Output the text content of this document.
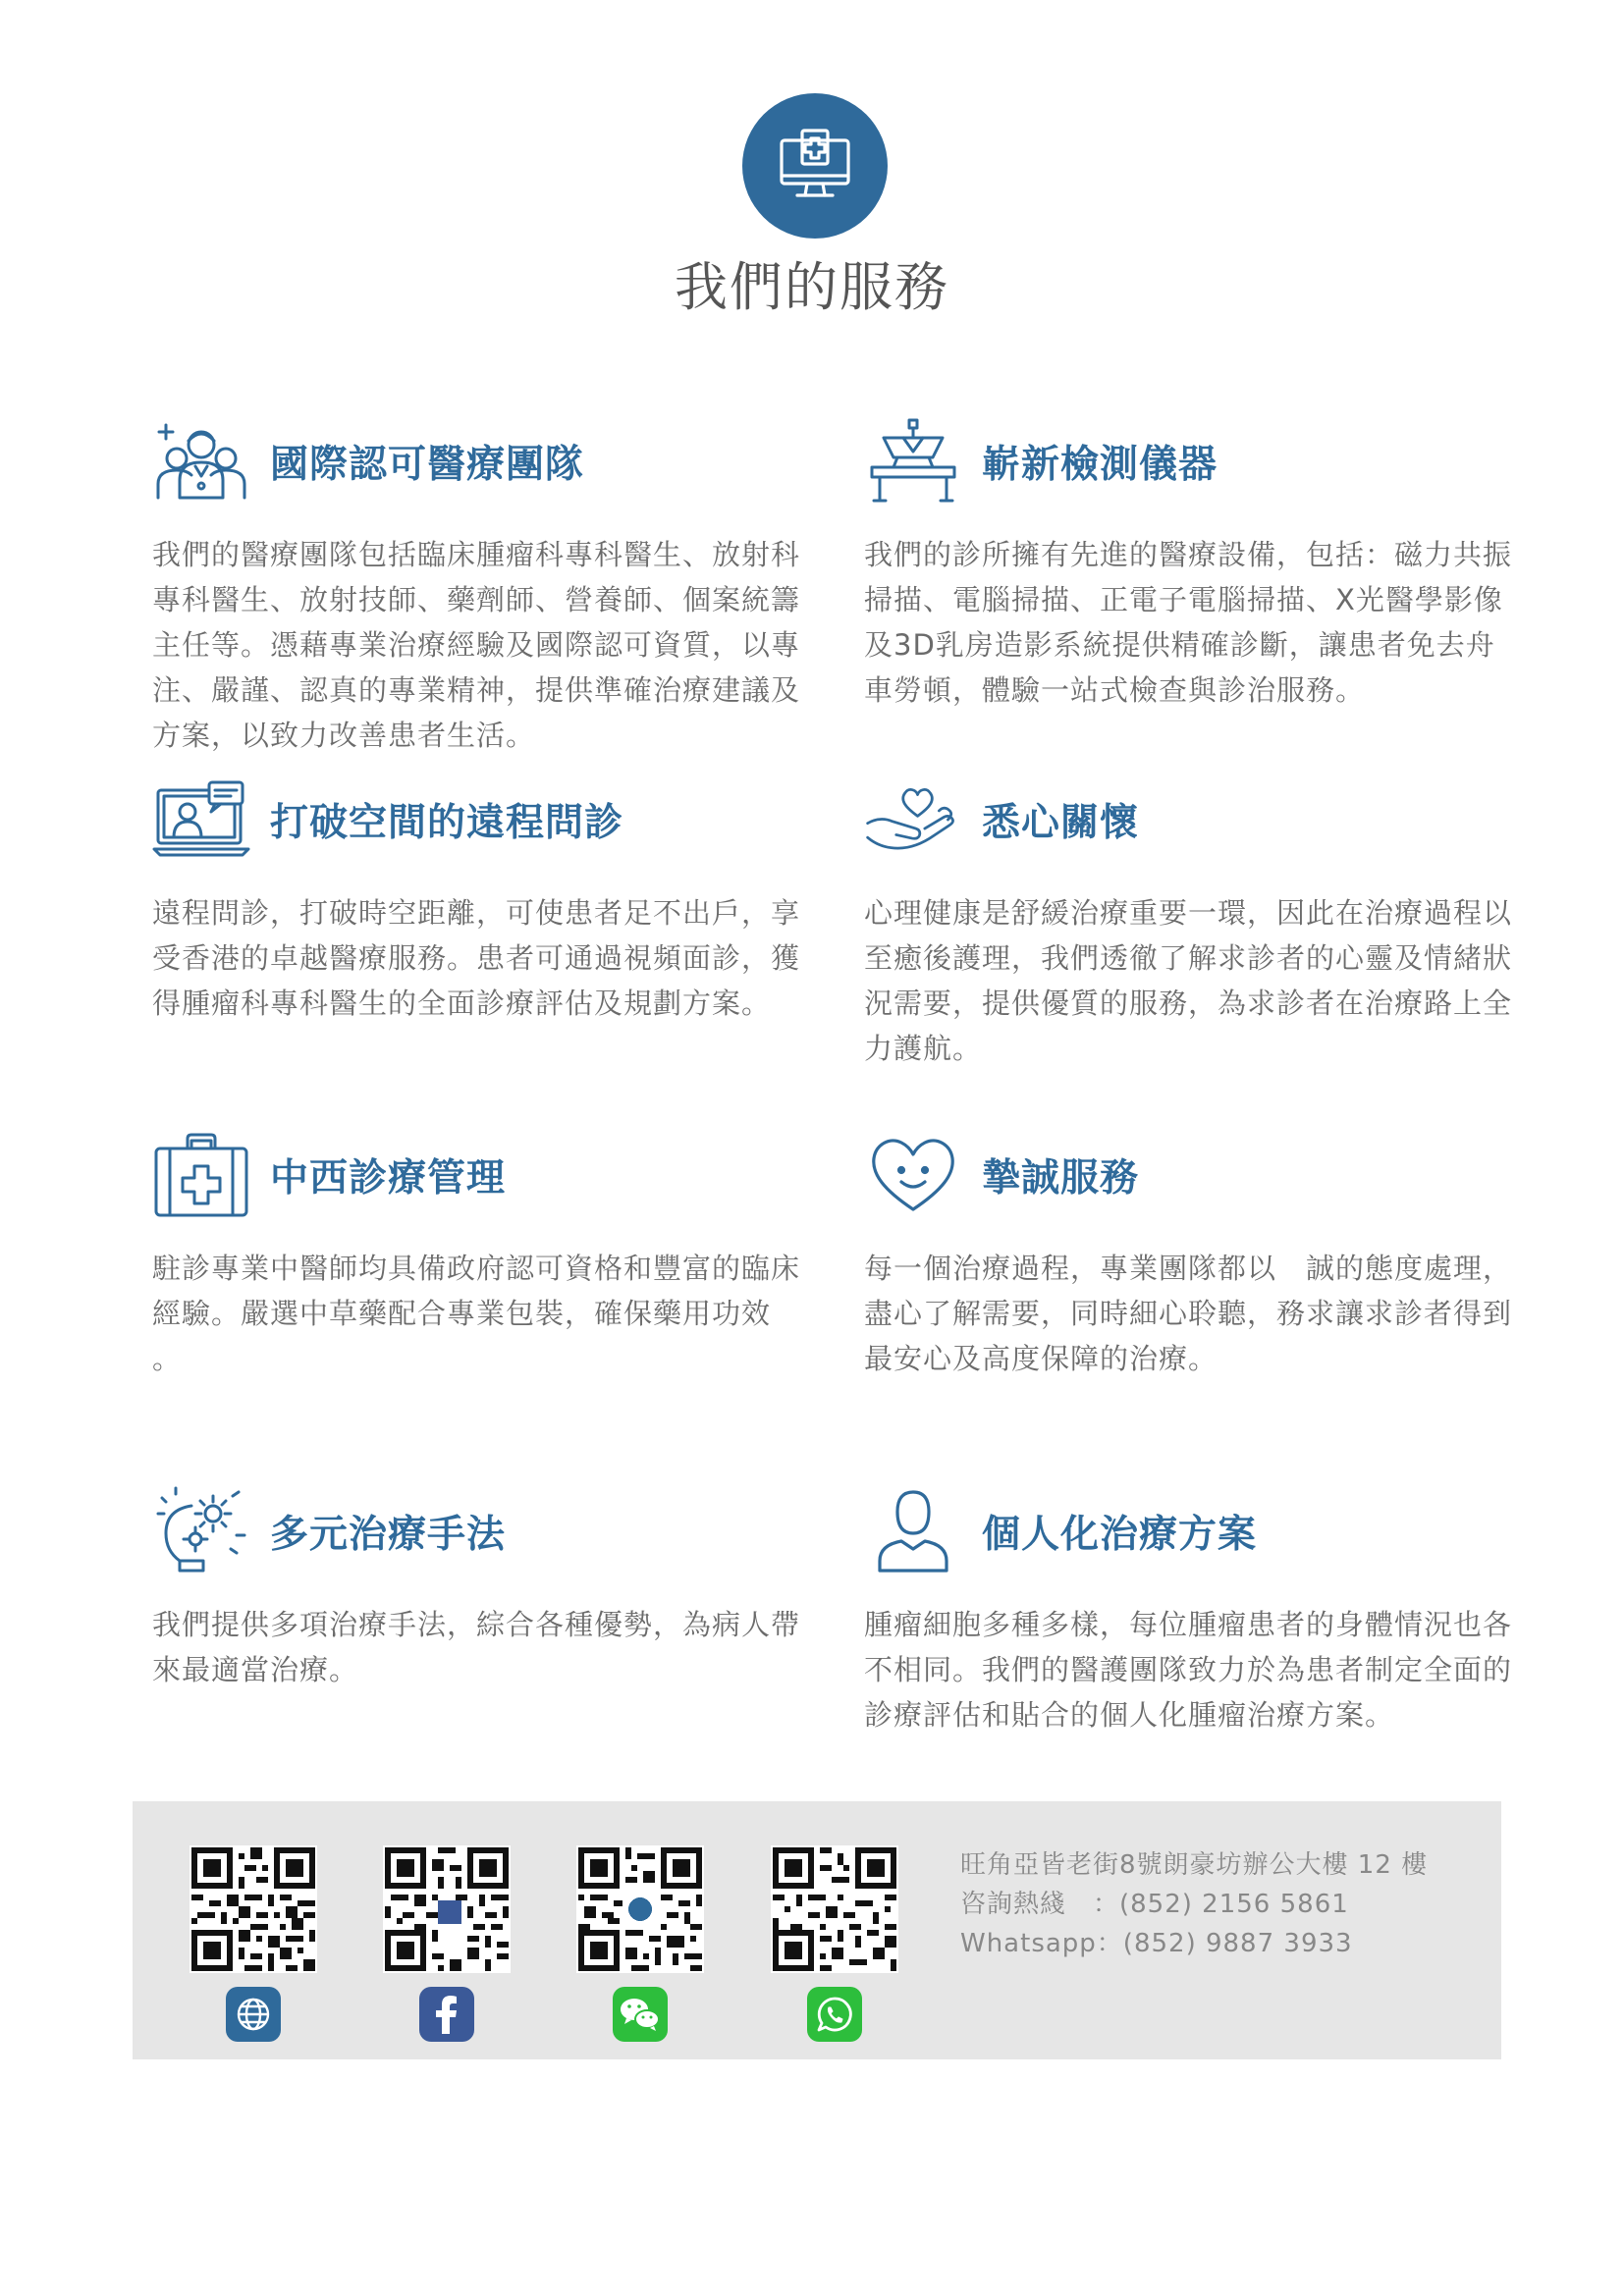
我們的服務
國際認可醫療團隊
我們的醫療團隊包括臨床腫瘤科專科醫生、放射科專科醫生、放射技師、藥劑師、營養師、個案統籌主任等。憑藉專業治療經驗及國際認可資質，以專注、嚴謹、認真的專業精神，提供準確治療建議及方案，以致力改善患者生活。
嶄新檢測儀器
我們的診所擁有先進的醫療設備，包括：磁力共振掃描、電腦掃描、正電子電腦掃描、X光醫學影像及3D乳房造影系統提供精確診斷，讓患者免去舟車勞頓，體驗一站式檢查與診治服務。
打破空間的遠程問診
遠程問診，打破時空距離，可使患者足不出戶，享受香港的卓越醫療服務。患者可通過視頻面診，獲得腫瘤科專科醫生的全面診療評估及規劃方案。
悉心關懷
心理健康是舒緩治療重要一環，因此在治療過程以至癒後護理，我們透徹了解求診者的心靈及情緒狀況需要，提供優質的服務，為求診者在治療路上全力護航。
中西診療管理
駐診專業中醫師均具備政府認可資格和豐富的臨床經驗。嚴選中草藥配合專業包裝，確保藥用功效 。
摯誠服務
每一個治療過程，專業團隊都以　誠的態度處理，盡心了解需要，同時細心聆聽，務求讓求診者得到最安心及高度保障的治療。
多元治療手法
我們提供多項治療手法，綜合各種優勢，為病人帶來最適當治療。
個人化治療方案
腫瘤細胞多種多樣，每位腫瘤患者的身體情況也各不相同。我們的醫護團隊致力於為患者制定全面的診療評估和貼合的個人化腫瘤治療方案。
旺角亞皆老街8號朗豪坊辦公大樓 12 樓
咨詢熱綫　：(852) 2156 5861
Whatsapp：(852) 9887 3933
